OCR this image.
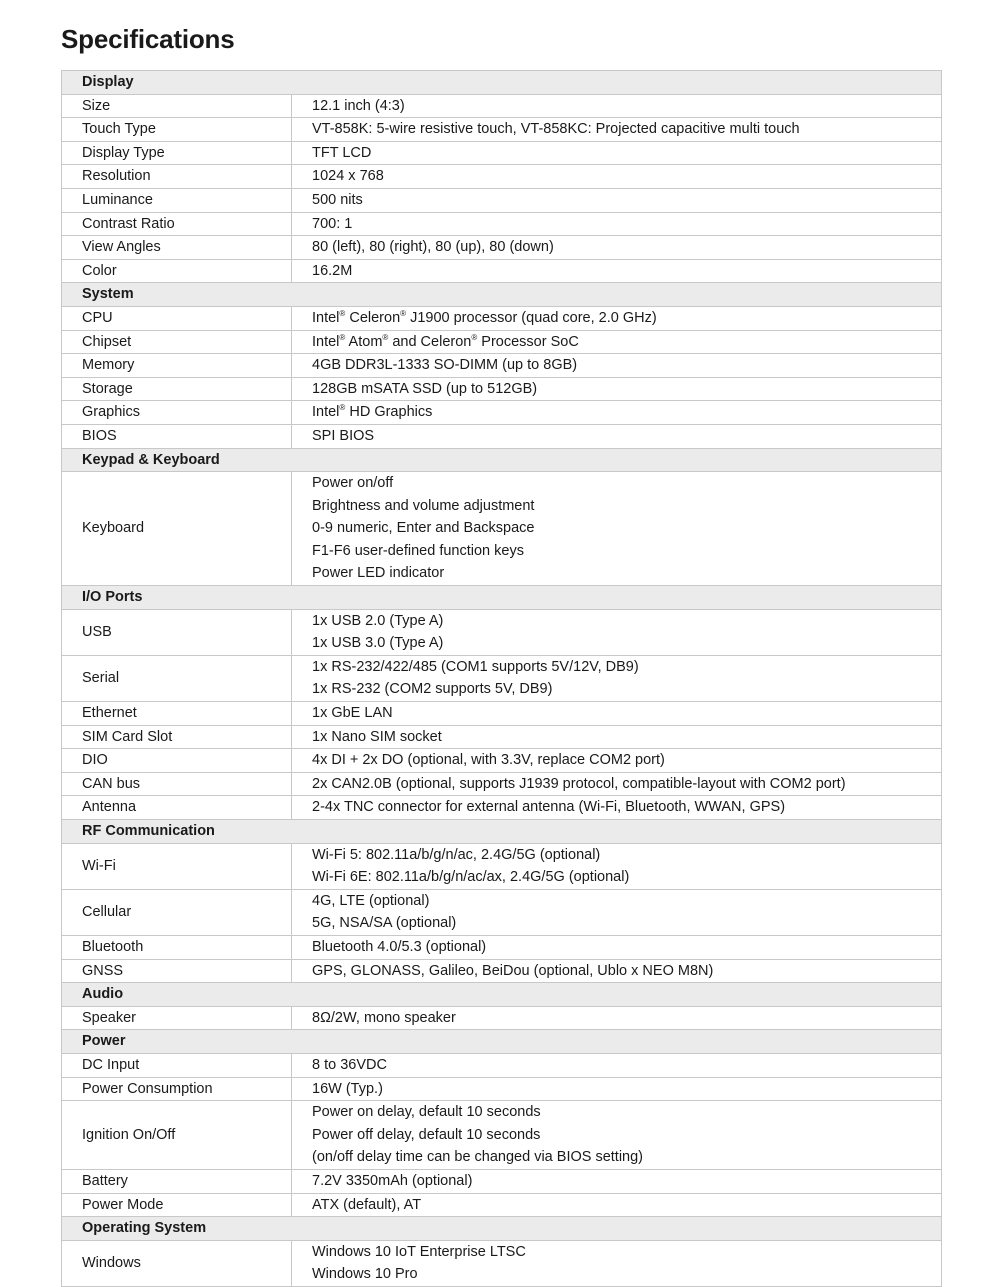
Specifications
Display	
Size	12.1 inch (4:3)

Touch Type	VT-858K: 5-wire resistive touch, VT-858KC: Projected capacitive multi touch

Display Type	TFT LCD

Resolution	1024 x 768

Luminance	500 nits

Contrast Ratio	700: 1

View Angles	80 (left), 80 (right), 80 (up), 80 (down)

Color	16.2M

System	
CPU	Intel® Celeron® J1900 processor (quad core, 2.0 GHz)

Chipset	Intel® Atom® and Celeron® Processor SoC

Memory	4GB DDR3L-1333 SO-DIMM (up to 8GB)

Storage	128GB mSATA SSD (up to 512GB)

Graphics	Intel® HD Graphics

BIOS	SPI BIOS

Keypad & Keyboard	
Keyboard	Power on/off
Brightness and volume adjustment
0-9 numeric, Enter and Backspace
F1-F6 user-defined function keys
Power LED indicator

I/O Ports	
USB	1x USB 2.0 (Type A)
1x USB 3.0 (Type A)

Serial	1x RS-232/422/485 (COM1 supports 5V/12V, DB9)
1x RS-232 (COM2 supports 5V, DB9)

Ethernet	1x GbE LAN

SIM Card Slot	1x Nano SIM socket

DIO	4x DI + 2x DO (optional, with 3.3V, replace COM2 port)

CAN bus	2x CAN2.0B (optional, supports J1939 protocol, compatible-layout with COM2 port)

Antenna	2-4x TNC connector for external antenna (Wi-Fi, Bluetooth, WWAN, GPS)

RF Communication	
Wi-Fi	Wi-Fi 5: 802.11a/b/g/n/ac, 2.4G/5G (optional)
Wi-Fi 6E: 802.11a/b/g/n/ac/ax, 2.4G/5G (optional)

Cellular	4G, LTE (optional)
5G, NSA/SA (optional)

Bluetooth	Bluetooth 4.0/5.3 (optional)

GNSS	GPS, GLONASS, Galileo, BeiDou (optional, Ublo x NEO M8N)

Audio	
Speaker	8Ω/2W, mono speaker

Power	
DC Input	8 to 36VDC

Power Consumption	16W (Typ.)

Ignition On/Off	Power on delay, default 10 seconds
Power off delay, default 10 seconds
(on/off delay time can be changed via BIOS setting)

Battery	7.2V 3350mAh (optional)

Power Mode	ATX (default), AT

Operating System	
Windows	Windows 10 IoT Enterprise LTSC
Windows 10 Pro
